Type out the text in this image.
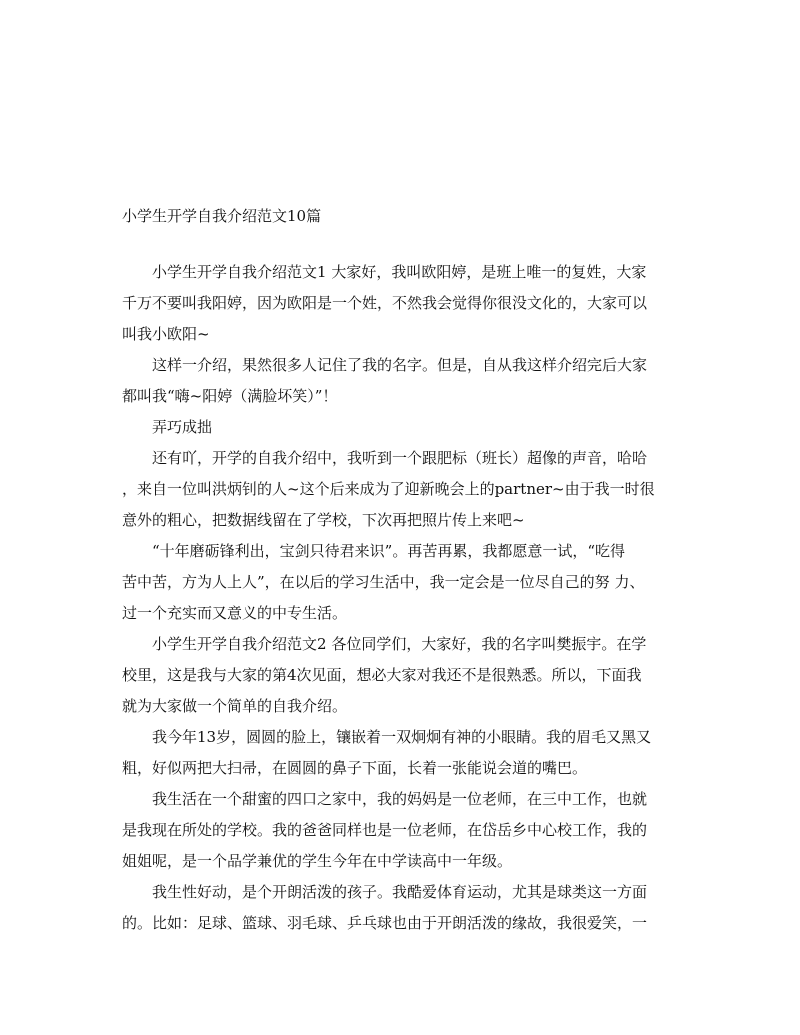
小学生开学自我介绍范文10篇
　　小学生开学自我介绍范文1 大家好，我叫欧阳婷，是班上唯一的复姓，大家
千万不要叫我阳婷，因为欧阳是一个姓，不然我会觉得你很没文化的，大家可以
叫我小欧阳~
　　这样一介绍，果然很多人记住了我的名字。但是，自从我这样介绍完后大家
都叫我“嗨~阳婷（满脸坏笑）”！
　　弄巧成拙
　　还有吖，开学的自我介绍中，我听到一个跟肥标（班长）超像的声音，哈哈
，来自一位叫洪炳钊的人~这个后来成为了迎新晚会上的partner~由于我一时很
意外的粗心，把数据线留在了学校，下次再把照片传上来吧~
　　“十年磨砺锋利出，宝剑只待君来识”。再苦再累，我都愿意一试，“吃得
苦中苦，方为人上人”，在以后的学习生活中，我一定会是一位尽自己的努 力、
过一个充实而又意义的中专生活。
　　小学生开学自我介绍范文2 各位同学们，大家好，我的名字叫樊振宇。在学
校里，这是我与大家的第4次见面，想必大家对我还不是很熟悉。所以，下面我
就为大家做一个简单的自我介绍。
　　我今年13岁，圆圆的脸上，镶嵌着一双炯炯有神的小眼睛。我的眉毛又黑又
粗，好似两把大扫帚，在圆圆的鼻子下面，长着一张能说会道的嘴巴。
　　我生活在一个甜蜜的四口之家中，我的妈妈是一位老师，在三中工作，也就
是我现在所处的学校。我的爸爸同样也是一位老师，在岱岳乡中心校工作，我的
姐姐呢，是一个品学兼优的学生今年在中学读高中一年级。
　　我生性好动，是个开朗活泼的孩子。我酷爱体育运动，尤其是球类这一方面
的。比如：足球、篮球、羽毛球、乒乓球也由于开朗活泼的缘故，我很爱笑，一
